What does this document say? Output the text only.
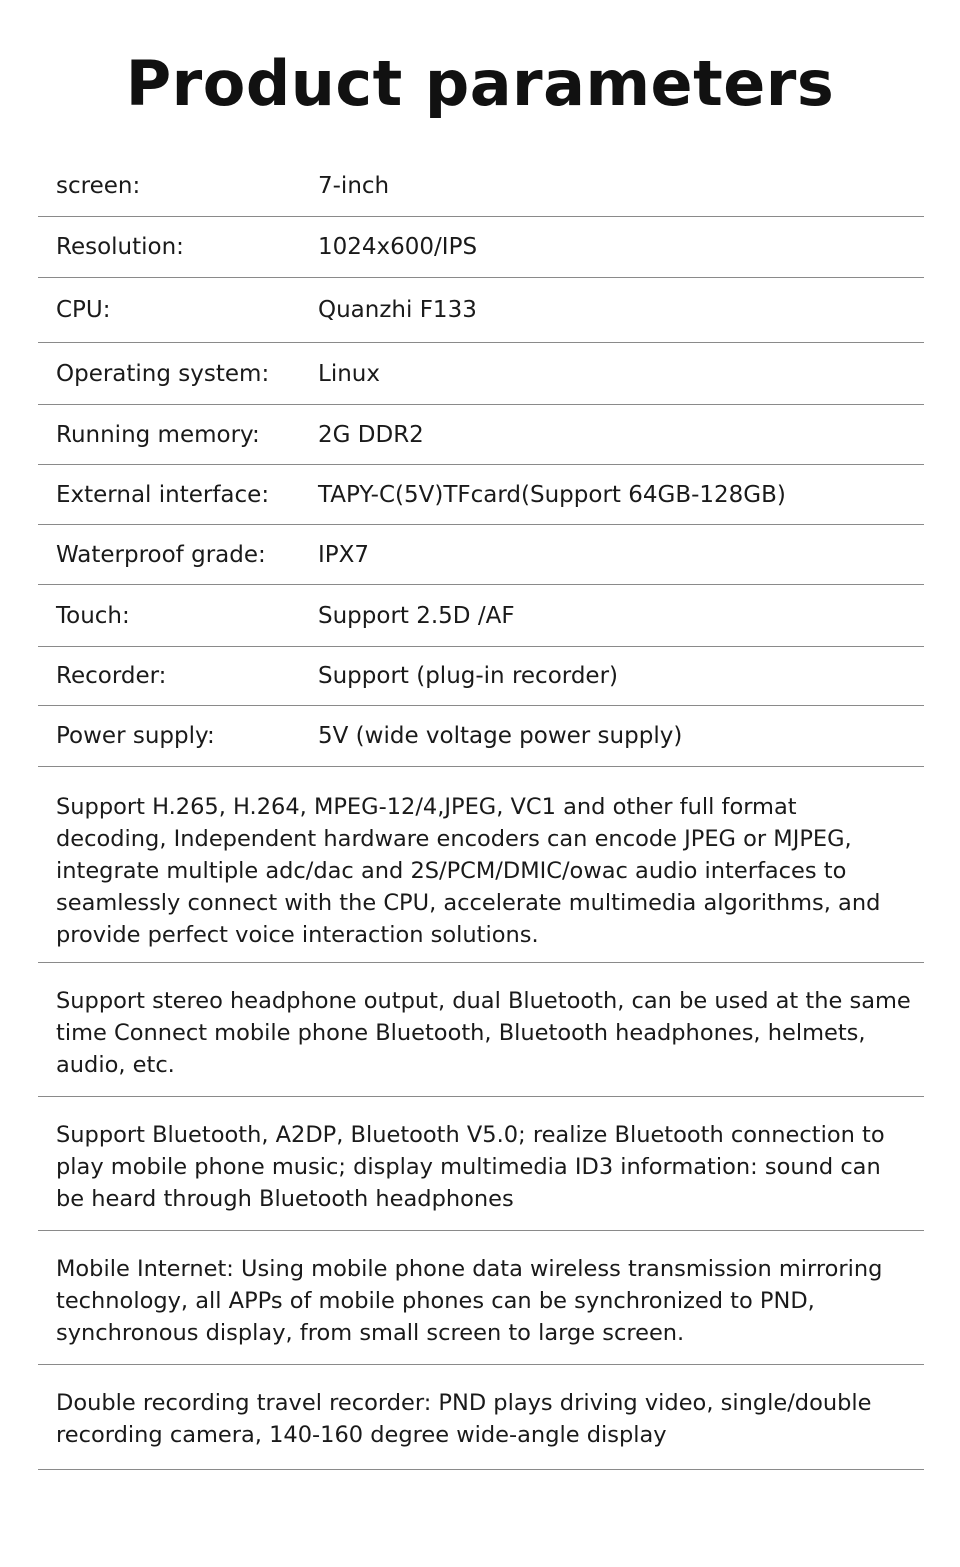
Product parameters
screen:	7-inch
Resolution:	1024x600/IPS
CPU:	Quanzhi F133
Operating system:	Linux
Running memory:	2G DDR2
External interface:	TAPY-C(5V)TFcard(Support 64GB-128GB)
Waterproof grade:	IPX7
Touch:	Support 2.5D /AF
Recorder:	Support (plug-in recorder)
Power supply:	5V (wide voltage power supply)
Support H.265, H.264, MPEG-12/4,JPEG, VC1 and other full format decoding, Independent hardware encoders can encode JPEG or MJPEG, integrate multiple adc/dac and 2S/PCM/DMIC/owac audio interfaces to seamlessly connect with the CPU, accelerate multimedia algorithms, and provide perfect voice interaction solutions.
Support stereo headphone output, dual Bluetooth, can be used at the same time Connect mobile phone Bluetooth, Bluetooth headphones, helmets, audio, etc.
Support Bluetooth, A2DP, Bluetooth V5.0; realize Bluetooth connection to play mobile phone music; display multimedia ID3 information: sound can be heard through Bluetooth headphones
Mobile Internet: Using mobile phone data wireless transmission mirroring technology, all APPs of mobile phones can be synchronized to PND, synchronous display, from small screen to large screen.
Double recording travel recorder: PND plays driving video, single/double recording camera, 140-160 degree wide-angle display
